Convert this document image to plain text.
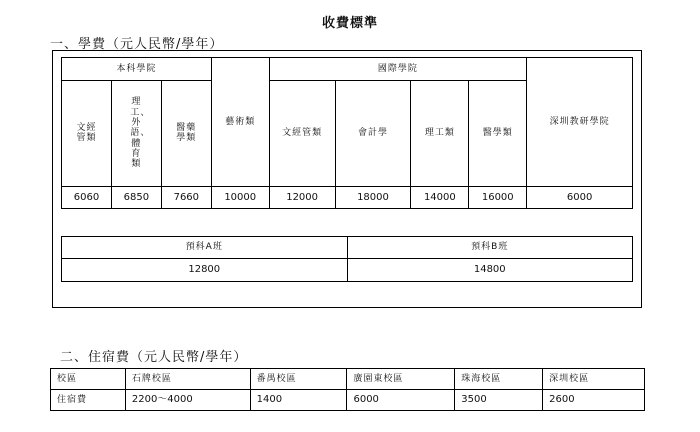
收費標準
一、學費（元人民幣/學年）
本科學院			藝術類	國際學院				深圳教研學院
文經管類	理工、外語、體育類	醫藥學類		文經管類	會計學	理工類	醫學類	
6060	6850	7660	10000	12000	18000	14000	16000	6000
預科A班	預科B班
12800	14800
二、住宿費（元人民幣/學年）
校區	石牌校區	番禺校區	廣園東校區	珠海校區	深圳校區
住宿費	2200～4000	1400	6000	3500	2600
